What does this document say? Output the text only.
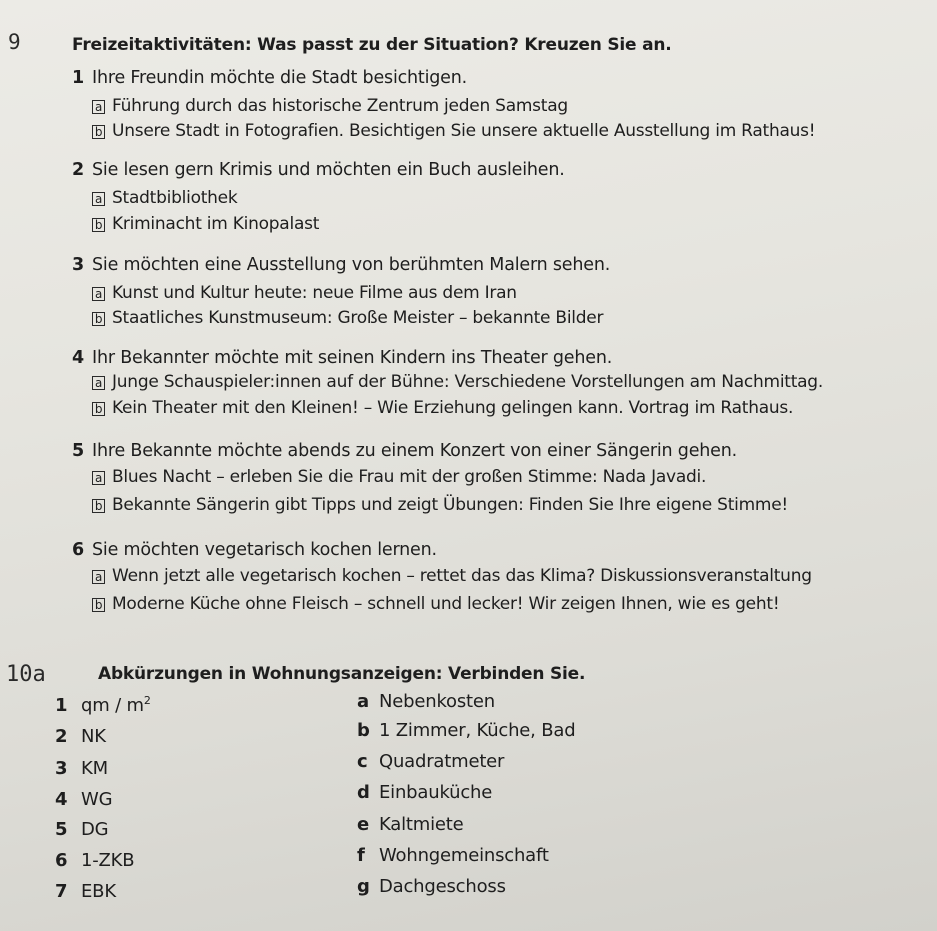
9	Freizeitaktivitäten: Was passt zu der Situation? Kreuzen Sie an.
1 Ihre Freundin möchte die Stadt besichtigen.
a Führung durch das historische Zentrum jeden Samstag
b Unsere Stadt in Fotografien. Besichtigen Sie unsere aktuelle Ausstellung im Rathaus!
2 Sie lesen gern Krimis und möchten ein Buch ausleihen.
a Stadtbibliothek
b Kriminacht im Kinopalast
3 Sie möchten eine Ausstellung von berühmten Malern sehen.
a Kunst und Kultur heute: neue Filme aus dem Iran
b Staatliches Kunstmuseum: Große Meister – bekannte Bilder
4 Ihr Bekannter möchte mit seinen Kindern ins Theater gehen.
a Junge Schauspieler:innen auf der Bühne: Verschiedene Vorstellungen am Nachmittag.
b Kein Theater mit den Kleinen! – Wie Erziehung gelingen kann. Vortrag im Rathaus.
5 Ihre Bekannte möchte abends zu einem Konzert von einer Sängerin gehen.
a Blues Nacht – erleben Sie die Frau mit der großen Stimme: Nada Javadi.
b Bekannte Sängerin gibt Tipps und zeigt Übungen: Finden Sie Ihre eigene Stimme!
6 Sie möchten vegetarisch kochen lernen.
a Wenn jetzt alle vegetarisch kochen – rettet das das Klima? Diskussionsveranstaltung
b Moderne Küche ohne Fleisch – schnell und lecker! Wir zeigen Ihnen, wie es geht!
10a	Abkürzungen in Wohnungsanzeigen: Verbinden Sie.
1 qm / $m^2$
2 NK
3 KM
4 WG
5 DG
6 1-ZKB
7 EBK
a Nebenkosten
b 1 Zimmer, Küche, Bad
c Quadratmeter
d Einbauküche
e Kaltmiete
f Wohngemeinschaft
g Dachgeschoss
